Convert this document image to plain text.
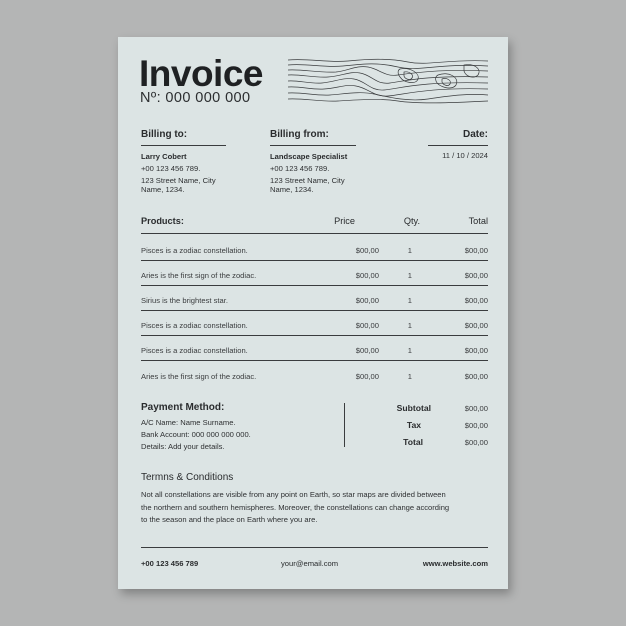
Invoice
Nº: 000 000 000
Billing to:	Billing from:	Date:
Larry Cobert
+00 123 456 789.
123 Street Name, City
Name, 1234.
Landscape Specialist
+00 123 456 789.
123 Street Name, City
Name, 1234.
11 / 10 / 2024
Products:	Price	Qty.	Total
Pisces is a zodiac constellation.	$00,00	1	$00,00
Aries is the first sign of the zodiac.	$00,00	1	$00,00
Sirius is the brightest star.	$00,00	1	$00,00
Pisces is a zodiac constellation.	$00,00	1	$00,00
Pisces is a zodiac constellation.	$00,00	1	$00,00
Aries is the first sign of the zodiac.	$00,00	1	$00,00
Payment Method:
A/C Name: Name Surname.
Bank Account: 000 000 000 000.
Details: Add your details.
Subtotal	$00,00
Tax	$00,00
Total	$00,00
Termns & Conditions
Not all constellations are visible from any point on Earth, so star maps are divided between
the northern and southern hemispheres. Moreover, the constellations can change according
to the season and the place on Earth where you are.
+00 123 456 789	your@email.com	www.website.com
